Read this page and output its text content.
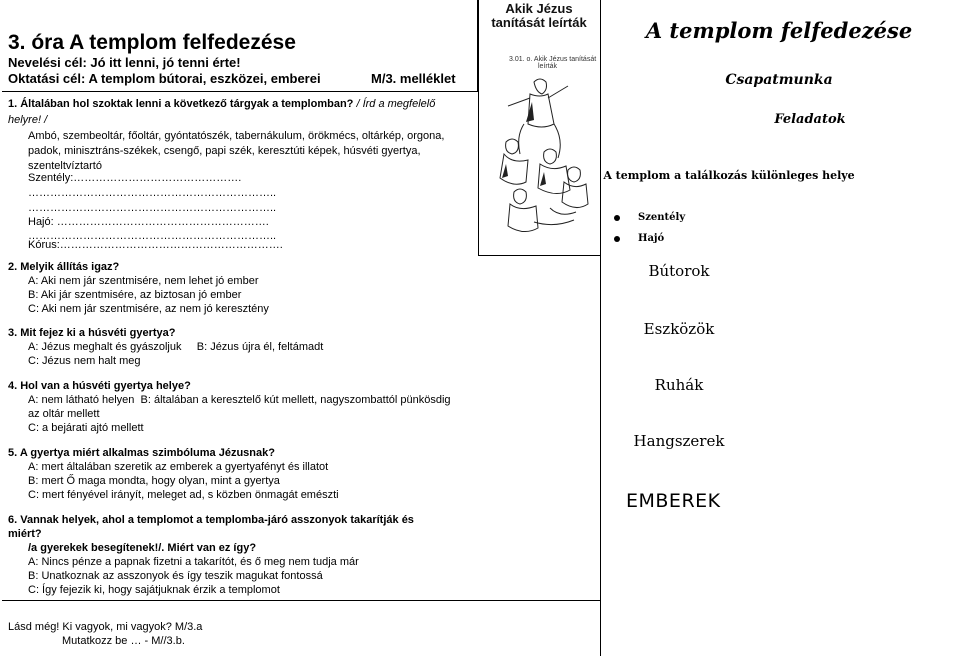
3. óra A templom felfedezése
Nevelési cél: Jó itt lenni, jó tenni érte!
Oktatási cél: A templom bútorai, eszközei, emberei	M/3. melléklet
Akik Jézus tanítását leírták
3.01. o. Akik Jézus tanítását
leírták
A templom felfedezése
Csapatmunka
Feladatok
A templom a találkozás különleges helye
Szentély
Hajó
Bútorok
Eszközök
Ruhák
Hangszerek
EMBEREK
1. Általában hol szoktak lenni a következő tárgyak a templomban? / Írd a megfelelő
helyre! /
Ambó, szembeoltár, főoltár, gyóntatószék, tabernákulum, örökmécs, oltárkép, orgona, padok, minisztráns-székek, csengő, papi szék, keresztúti képek, húsvéti gyertya, szenteltvíztartó
Szentély:……………………………………….
…………………………………………………………..
…………………………………………………………..
Hajó: ………………………………………………….
…………………………………………………………..
Kórus:…………………………………………………….
2. Melyik állítás igaz?
A: Aki nem jár szentmisére, nem lehet jó ember
B: Aki jár szentmisére, az biztosan jó ember
C: Aki nem jár szentmisére, az nem jó keresztény
3. Mit fejez ki a húsvéti gyertya?
A: Jézus meghalt és gyászoljuk     B: Jézus újra él, feltámadt
C: Jézus nem halt meg
4. Hol van a húsvéti gyertya helye?
A: nem látható helyen  B: általában a keresztelő kút mellett, nagyszombattól pünkösdig
az oltár mellett
C: a bejárati ajtó mellett
5. A gyertya miért alkalmas szimbóluma Jézusnak?
A: mert általában szeretik az emberek a gyertyafényt és illatot
B: mert Ő maga mondta, hogy olyan, mint a gyertya
C: mert fényével irányít, meleget ad, s közben önmagát emészti
6. Vannak helyek, ahol a templomot a templomba-járó asszonyok takarítják és
miért?
/a gyerekek besegítenek!/. Miért van ez így?
A: Nincs pénze a papnak fizetni a takarítót, és ő meg nem tudja már
B: Unatkoznak az asszonyok és így teszik magukat fontossá
C: Így fejezik ki, hogy sajátjuknak érzik a templomot
Lásd még! Ki vagyok, mi vagyok? M/3.a
Mutatkozz be … - M//3.b.
